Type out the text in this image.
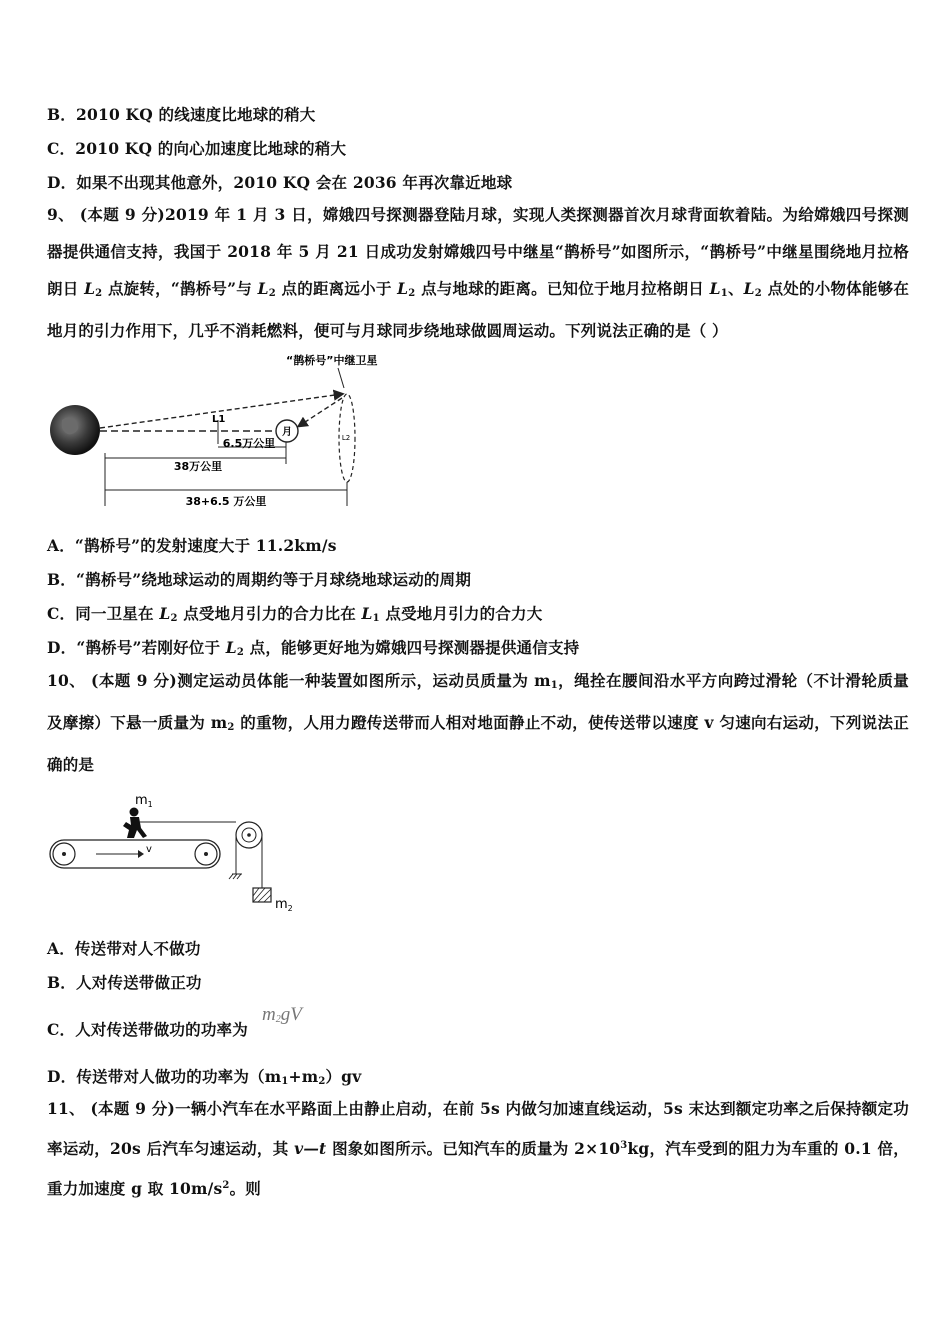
B．2010 KQ 的线速度比地球的稍大
C．2010 KQ 的向心加速度比地球的稍大
D．如果不出现其他意外，2010 KQ 会在 2036 年再次靠近地球
9、 (本题 9 分)2019 年 1 月 3 日，嫦娥四号探测器登陆月球，实现人类探测器首次月球背面软着陆。为给嫦娥四号探测器提供通信支持，我国于 2018 年 5 月 21 日成功发射嫦娥四号中继星“鹊桥号”如图所示，“鹊桥号”中继星围绕地月拉格朗日 $L_2$ 点旋转，“鹊桥号”与 $L_2$ 点的距离远小于 $L_2$ 点与地球的距离。已知位于地月拉格朗日 $L_1$、$L_2$ 点处的小物体能够在地月的引力作用下，几乎不消耗燃料，便可与月球同步绕地球做圆周运动。下列说法正确的是（ ）
“鹊桥号”中继卫星
L1
月	L2
6.5万公里
38万公里
38+6.5 万公里
A．“鹊桥号”的发射速度大于 11.2km/s
B．“鹊桥号”绕地球运动的周期约等于月球绕地球运动的周期
C．同一卫星在 $L_2$ 点受地月引力的合力比在 $L_1$ 点受地月引力的合力大
D．“鹊桥号”若刚好位于 $L_2$ 点，能够更好地为嫦娥四号探测器提供通信支持
10、 (本题 9 分)测定运动员体能一种装置如图所示，运动员质量为 $m_1$，绳拴在腰间沿水平方向跨过滑轮（不计滑轮质量及摩擦）下悬一质量为 $m_2$ 的重物，人用力蹬传送带而人相对地面静止不动，使传送带以速度 v 匀速向右运动，下列说法正确的是
$m_1$
$m_2$
v
A．传送带对人不做功
B．人对传送带做正功
C．人对传送带做功的功率为
$m_2gV$
D．传送带对人做功的功率为$(m_1+m_2)gv$
11、 (本题 9 分)一辆小汽车在水平路面上由静止启动，在前 5s 内做匀加速直线运动，5s 末达到额定功率之后保持额定功率运动，20s 后汽车匀速运动，其 v—t 图象如图所示。已知汽车的质量为 $2\times 10^3kg$，汽车受到的阻力为车重的 0.1 倍，重力加速度 g 取 $10m/s^2$。则
